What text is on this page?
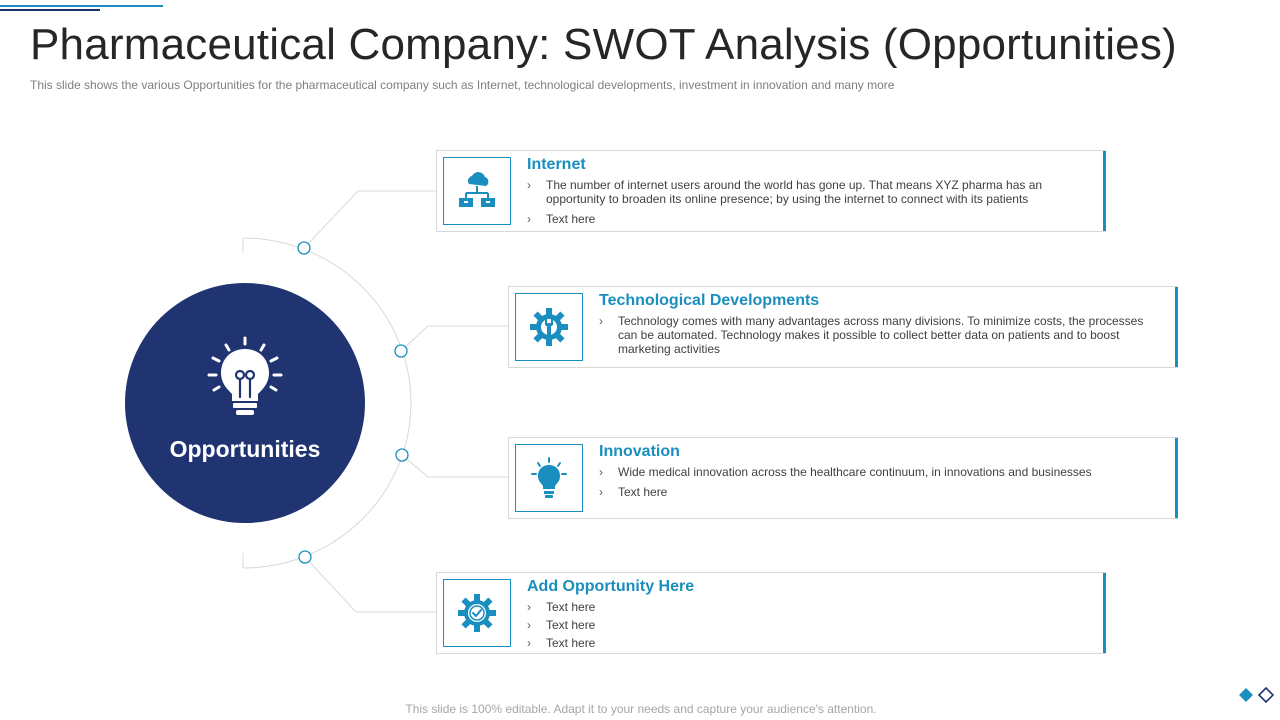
Pharmaceutical Company: SWOT Analysis (Opportunities)
This slide shows the various Opportunities for the pharmaceutical company such as Internet, technological developments, investment in innovation and many more
Opportunities
Internet
› The number of internet users around the world has gone up. That means XYZ pharma has an opportunity to broaden its online presence; by using the internet to connect with its patients
› Text here
Technological Developments
› Technology comes with many advantages across many divisions. To minimize costs, the processes can be automated. Technology makes it possible to collect better data on patients and to boost marketing activities
Innovation
› Wide medical innovation across the healthcare continuum, in innovations and businesses
› Text here
Add Opportunity Here
› Text here
› Text here
› Text here
This slide is 100% editable. Adapt it to your needs and capture your audience's attention.
